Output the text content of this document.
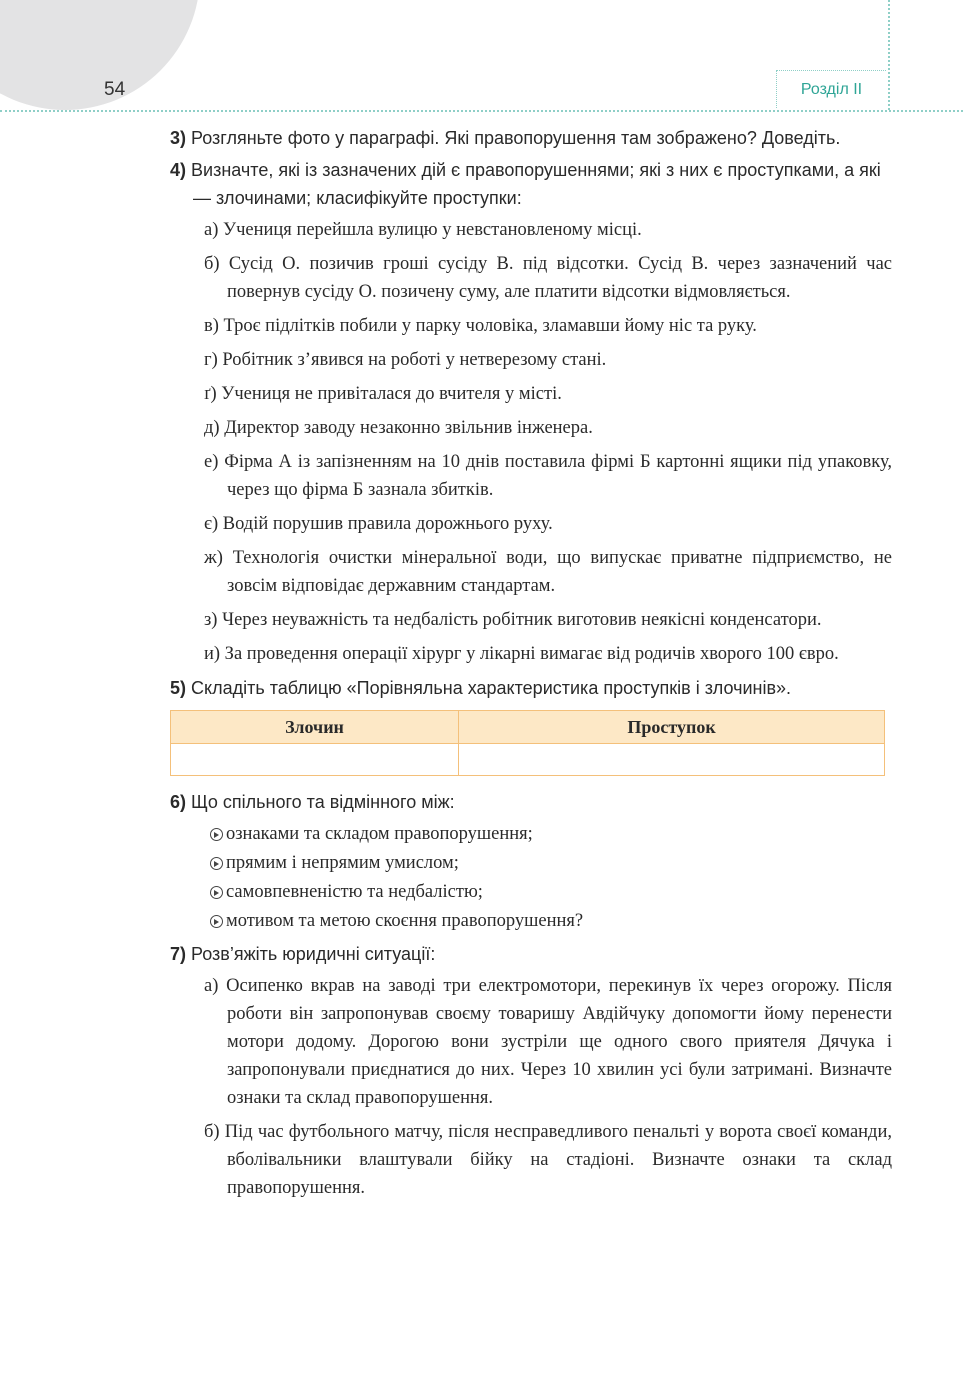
54	Розділ ІІ

3) Розгляньте фото у параграфі. Які правопорушення там зображено? Доведіть.

4) Визначте, які із зазначених дій є правопорушеннями; які з них є проступками, а які — злочинами; класифікуйте проступки:

а) Учениця перейшла вулицю у невстановленому місці.

б) Сусід О. позичив гроші сусіду В. під відсотки. Сусід В. через зазначений час повернув сусіду О. позичену суму, але платити відсотки відмовляється.

в) Троє підлітків побили у парку чоловіка, зламавши йому ніс та руку.

г) Робітник з’явився на роботі у нетверезому стані.

ґ) Учениця не привіталася до вчителя у місті.

д) Директор заводу незаконно звільнив інженера.

е) Фірма А із запізненням на 10 днів поставила фірмі Б картонні ящики під упаковку, через що фірма Б зазнала збитків.

є) Водій порушив правила дорожнього руху.

ж) Технологія очистки мінеральної води, що випускає приватне підприємство, не зовсім відповідає державним стандартам.

з) Через неуважність та недбалість робітник виготовив неякісні конденсатори.

и) За проведення операції хірург у лікарні вимагає від родичів хворого 100 євро.

5) Складіть таблицю «Порівняльна характеристика проступків і злочинів».

Злочин	Проступок

6) Що спільного та відмінного між:

ознаками та складом правопорушення;
прямим і непрямим умислом;
самовпевненістю та недбалістю;
мотивом та метою скоєння правопорушення?

7) Розв’яжіть юридичні ситуації:

а) Осипенко вкрав на заводі три електромотори, перекинув їх через огорожу. Після роботи він запропонував своєму товаришу Авдійчуку допомогти йому перенести мотори додому. Дорогою вони зустріли ще одного свого приятеля Дячука і запропонували приєднатися до них. Через 10 хвилин усі були затримані. Визначте ознаки та склад правопорушення.

б) Під час футбольного матчу, після несправедливого пенальті у ворота своєї команди, вболівальники влаштували бійку на стадіоні. Визначте ознаки та склад правопорушення.
